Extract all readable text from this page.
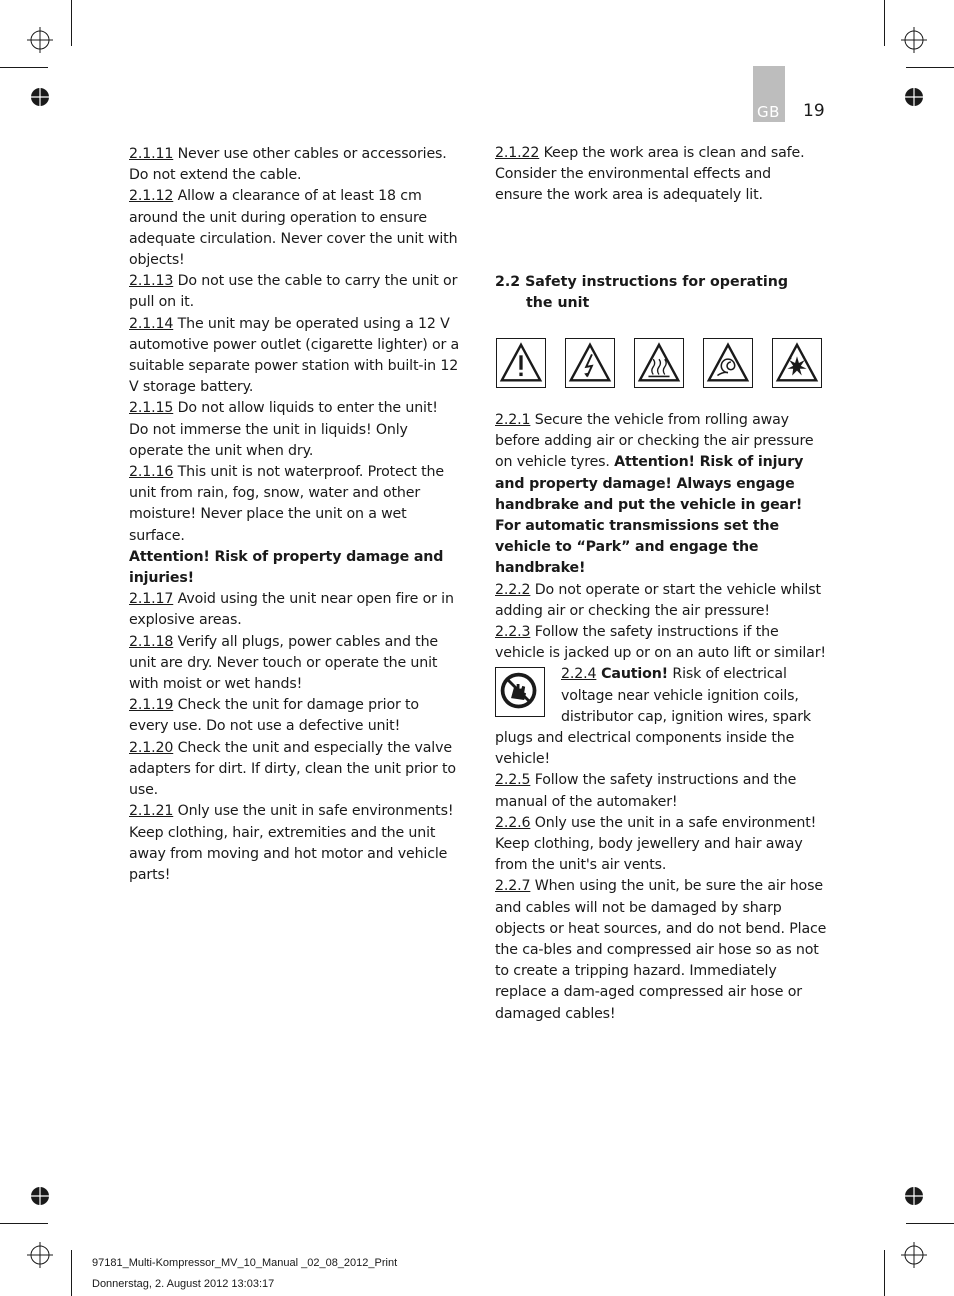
GB 19

2.1.11 Never use other cables or accessories. Do not extend the cable.

2.1.12 Allow a clearance of at least 18 cm around the unit during operation to ensure adequate circulation. Never cover the unit with objects!

2.1.13 Do not use the cable to carry the unit or pull on it.

2.1.14 The unit may be operated using a 12 V automotive power outlet (cigarette lighter) or a suitable separate power station with built-in 12 V storage battery.

2.1.15 Do not allow liquids to enter the unit! Do not immerse the unit in liquids! Only operate the unit when dry.

2.1.16 This unit is not waterproof. Protect the unit from rain, fog, snow, water and other moisture! Never place the unit on a wet surface.

Attention! Risk of property damage and injuries!

2.1.17 Avoid using the unit near open fire or in explosive areas.

2.1.18 Verify all plugs, power cables and the unit are dry. Never touch or operate the unit with moist or wet hands!

2.1.19 Check the unit for damage prior to every use. Do not use a defective unit!

2.1.20 Check the unit and especially the valve adapters for dirt. If dirty, clean the unit prior to use.

2.1.21 Only use the unit in safe environments! Keep clothing, hair, extremities and the unit away from moving and hot motor and vehicle parts!

2.1.22 Keep the work area is clean and safe.
Consider the environmental effects and
ensure the work area is adequately lit.

2.2 Safety instructions for operating
the unit

2.2.1 Secure the vehicle from rolling away before adding air or checking the air pressure on vehicle tyres. Attention! Risk of injury and property damage! Always engage handbrake and put the vehicle in gear! For automatic transmissions set the vehicle to “Park” and engage the handbrake!

2.2.2 Do not operate or start the vehicle whilst adding air or checking the air pressure!

2.2.3 Follow the safety instructions if the vehicle is jacked up or on an auto lift or similar!

2.2.4 Caution! Risk of electrical voltage near vehicle ignition coils, distributor cap, ignition wires, spark plugs and electrical components inside the vehicle!

2.2.5 Follow the safety instructions and the manual of the automaker!

2.2.6 Only use the unit in a safe environment! Keep clothing, body jewellery and hair away from the unit's air vents.

2.2.7 When using the unit, be sure the air hose and cables will not be damaged by sharp objects or heat sources, and do not bend. Place the ca-bles and compressed air hose so as not to create a tripping hazard. Immediately replace a dam-aged compressed air hose or damaged cables!

97181_Multi-Kompressor_MV_10_Manual _02_08_2012_Print
Donnerstag, 2. August 2012 13:03:17
